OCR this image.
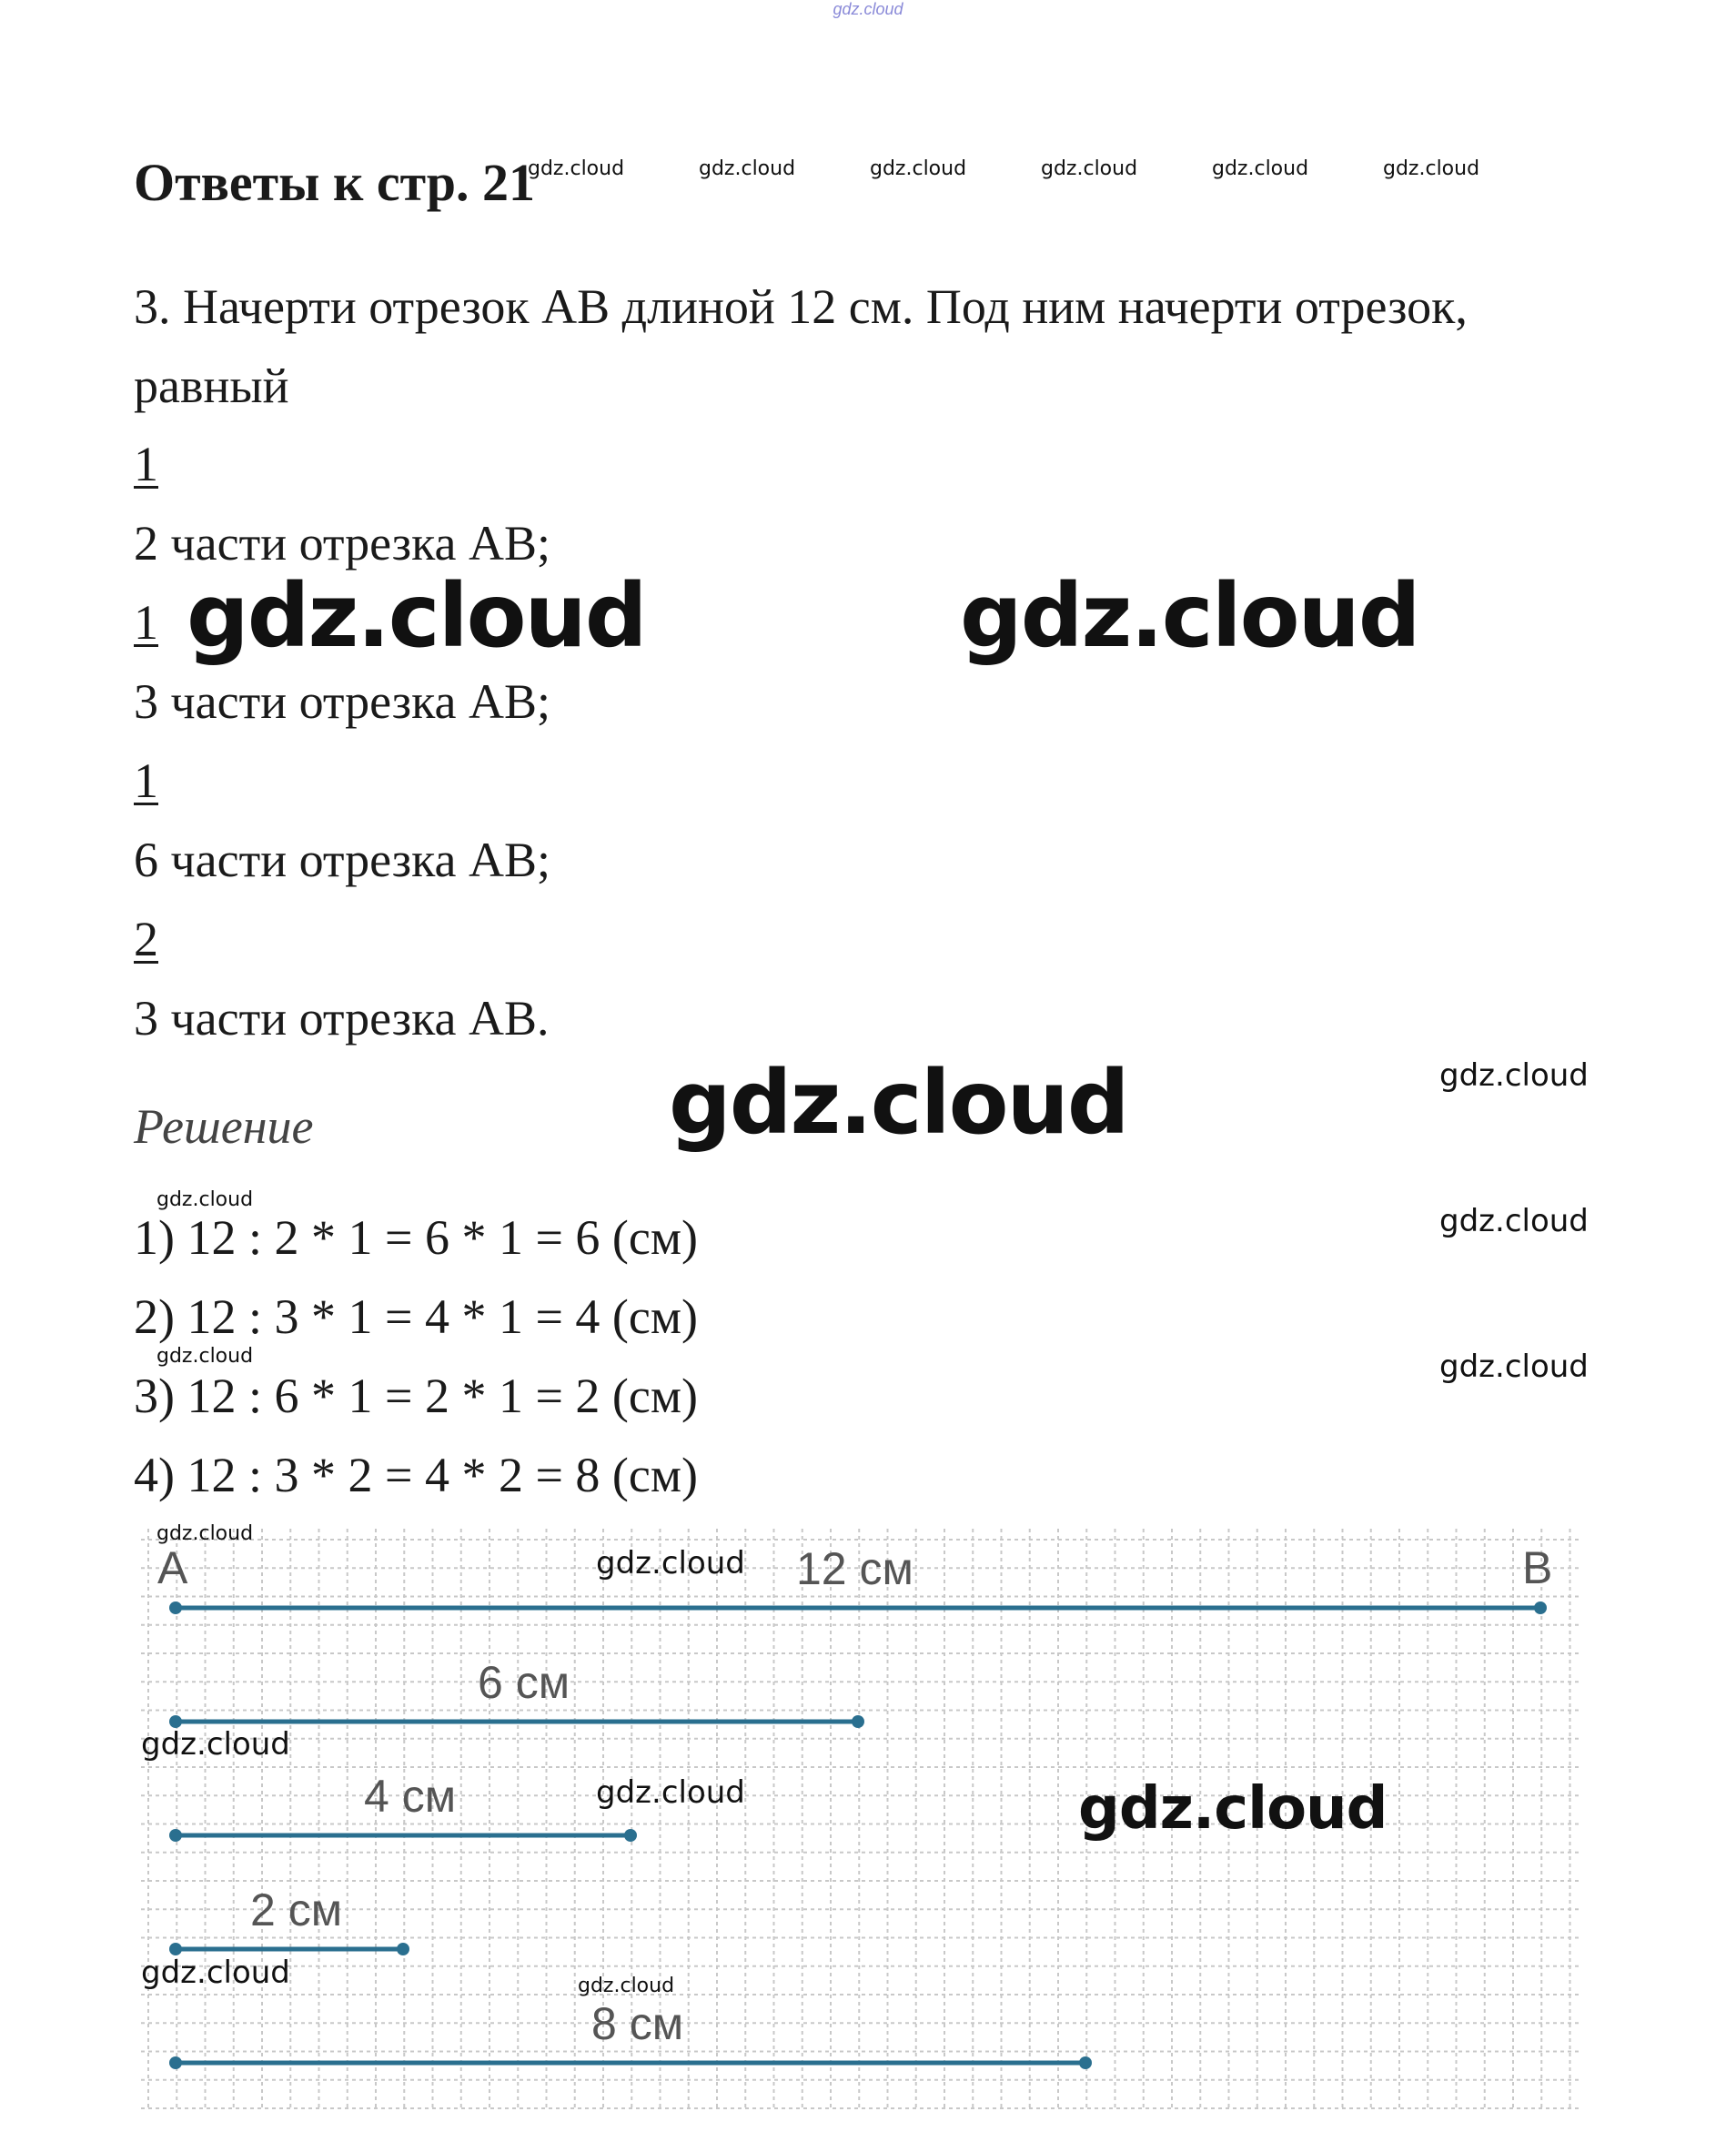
gdz.cloud
Ответы к стр. 21
gdz.cloud	gdz.cloud	gdz.cloud	gdz.cloud	gdz.cloud	gdz.cloud
3. Начерти отрезок АВ длиной 12 см. Под ним начерти отрезок,
равный
1
2 части отрезка АВ;
1
3 части отрезка АВ;
1
6 части отрезка АВ;
2
3 части отрезка АВ.
gdz.cloud	gdz.cloud
gdz.cloud
Решение
gdz.cloud
gdz.cloud
gdz.cloud
gdz.cloud
gdz.cloud
1) 12 : 2 * 1 = 6 * 1 = 6 (см)
2) 12 : 3 * 1 = 4 * 1 = 4 (см)
3) 12 : 6 * 1 = 2 * 1 = 2 (см)
4) 12 : 3 * 2 = 4 * 2 = 8 (см)
12 см
6 см
4 см
2 см
8 см
A	B
gdz.cloud
gdz.cloud
gdz.cloud
gdz.cloud	gdz.cloud
gdz.cloud	gdz.cloud
